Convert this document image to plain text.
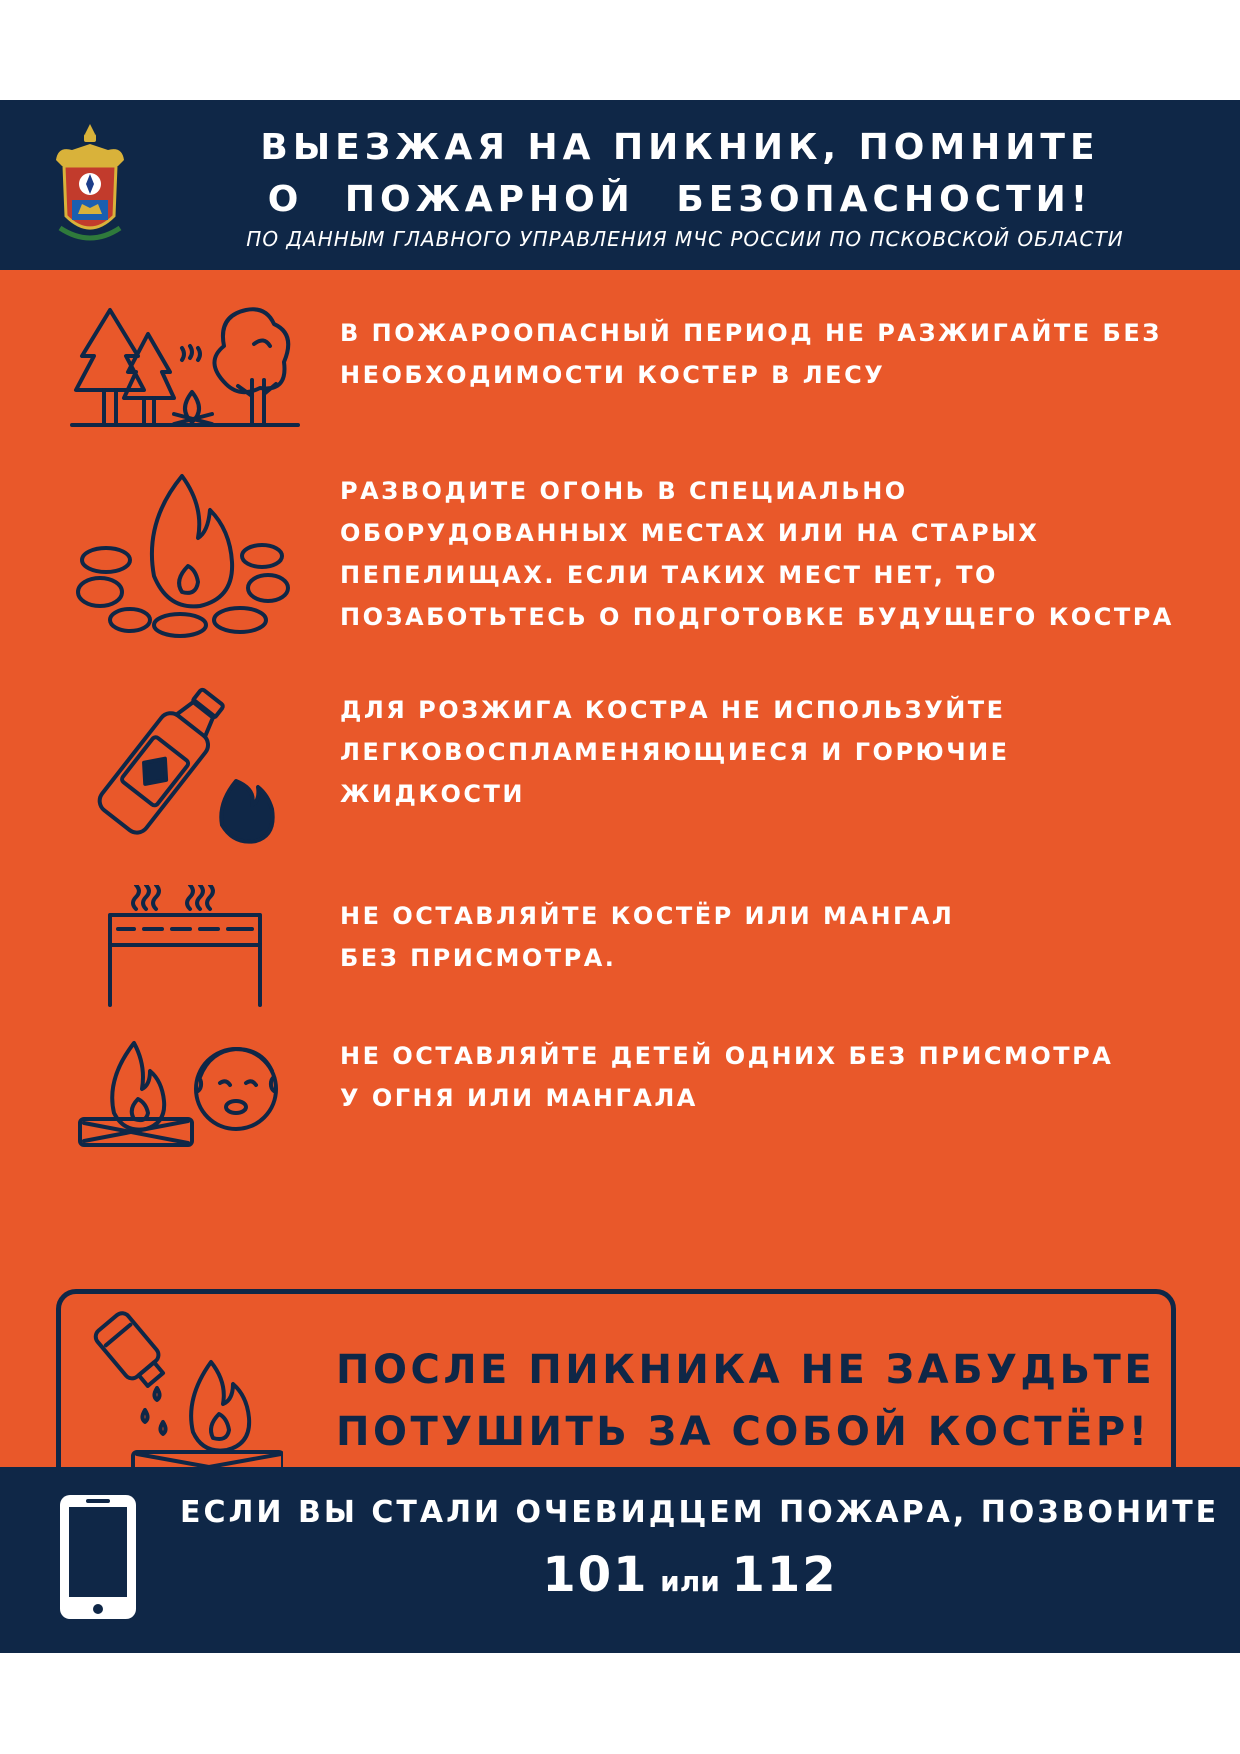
ВЫЕЗЖАЯ НА ПИКНИК, ПОМНИТЕ
О ПОЖАРНОЙ БЕЗОПАСНОСТИ!
ПО ДАННЫМ ГЛАВНОГО УПРАВЛЕНИЯ МЧС РОССИИ ПО ПСКОВСКОЙ ОБЛАСТИ
В ПОЖАРООПАСНЫЙ ПЕРИОД НЕ РАЗЖИГАЙТЕ БЕЗ
НЕОБХОДИМОСТИ КОСТЕР В ЛЕСУ
РАЗВОДИТЕ ОГОНЬ В СПЕЦИАЛЬНО
ОБОРУДОВАННЫХ МЕСТАХ ИЛИ НА СТАРЫХ
ПЕПЕЛИЩАХ. ЕСЛИ ТАКИХ МЕСТ НЕТ, ТО
ПОЗАБОТЬТЕСЬ О ПОДГОТОВКЕ БУДУЩЕГО КОСТРА
ДЛЯ РОЗЖИГА КОСТРА НЕ ИСПОЛЬЗУЙТЕ
ЛЕГКОВОСПЛАМЕНЯЮЩИЕСЯ И ГОРЮЧИЕ
ЖИДКОСТИ
НЕ ОСТАВЛЯЙТЕ КОСТЁР ИЛИ МАНГАЛ
БЕЗ ПРИСМОТРА.
НЕ ОСТАВЛЯЙТЕ ДЕТЕЙ ОДНИХ БЕЗ ПРИСМОТРА
У ОГНЯ ИЛИ МАНГАЛА
ПОСЛЕ ПИКНИКА НЕ ЗАБУДЬТЕ
ПОТУШИТЬ ЗА СОБОЙ КОСТЁР!
ЕСЛИ ВЫ СТАЛИ ОЧЕВИДЦЕМ ПОЖАРА, ПОЗВОНИТЕ
101 или 112
